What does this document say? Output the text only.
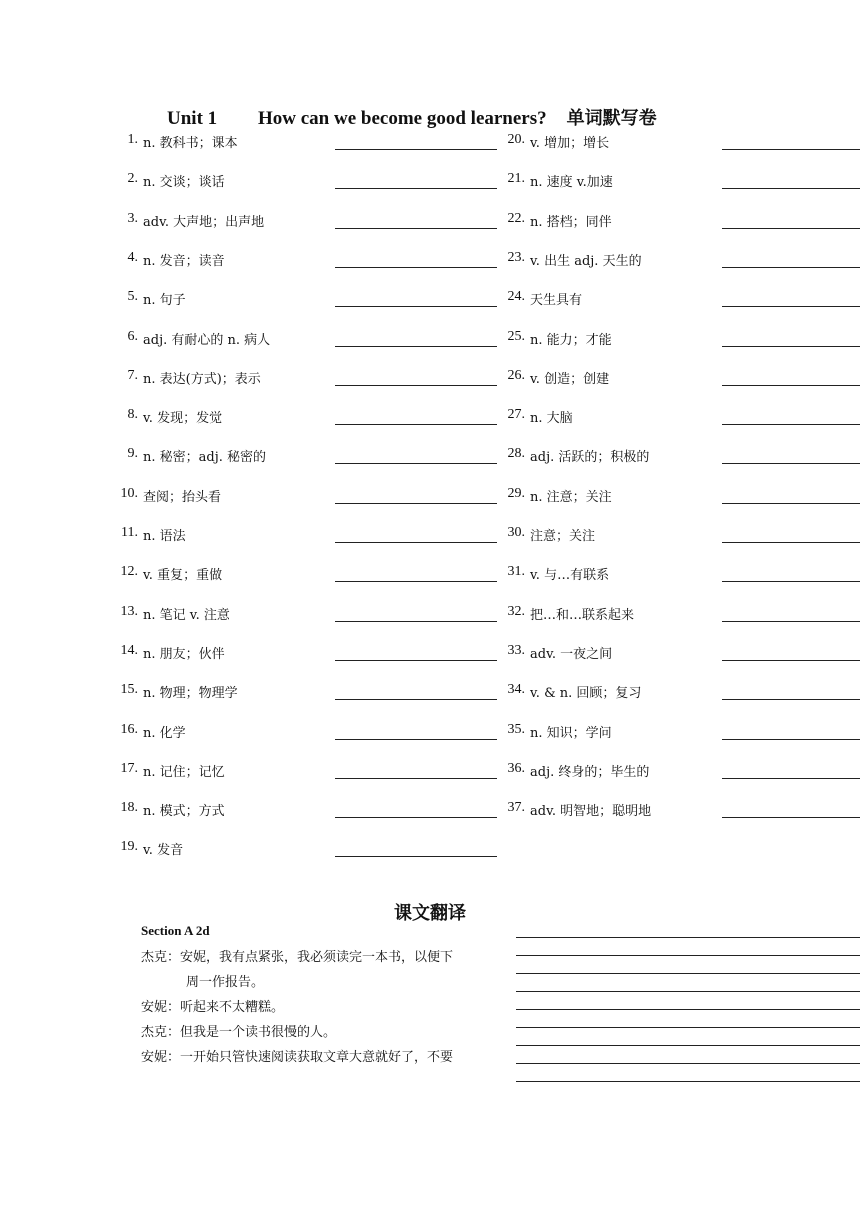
Unit 1 How can we become good learners? 单词默写卷
1. n. 教科书；课本
2. n. 交谈；谈话
3. adv. 大声地；出声地
4. n. 发音；读音
5. n. 句子
6. adj. 有耐心的 n. 病人
7. n. 表达(方式)；表示
8. v. 发现；发觉
9. n. 秘密；adj. 秘密的
10. 查阅；抬头看
11. n. 语法
12. v. 重复；重做
13. n. 笔记 v. 注意
14. n. 朋友；伙伴
15. n. 物理；物理学
16. n. 化学
17. n. 记住；记忆
18. n. 模式；方式
19. v. 发音
20. v. 增加；增长
21. n. 速度 v.加速
22. n. 搭档；同伴
23. v. 出生 adj. 天生的
24. 天生具有
25. n. 能力；才能
26. v. 创造；创建
27. n. 大脑
28. adj. 活跃的；积极的
29. n. 注意；关注
30. 注意；关注
31. v. 与…有联系
32. 把…和…联系起来
33. adv. 一夜之间
34. v. & n. 回顾；复习
35. n. 知识；学问
36. adj. 终身的；毕生的
37. adv. 明智地；聪明地
课文翻译
Section A 2d
杰克：安妮，我有点紧张，我必须读完一本书，以便下
周一作报告。
安妮：听起来不太糟糕。
杰克：但我是一个读书很慢的人。
安妮：一开始只管快速阅读获取文章大意就好了，不要
